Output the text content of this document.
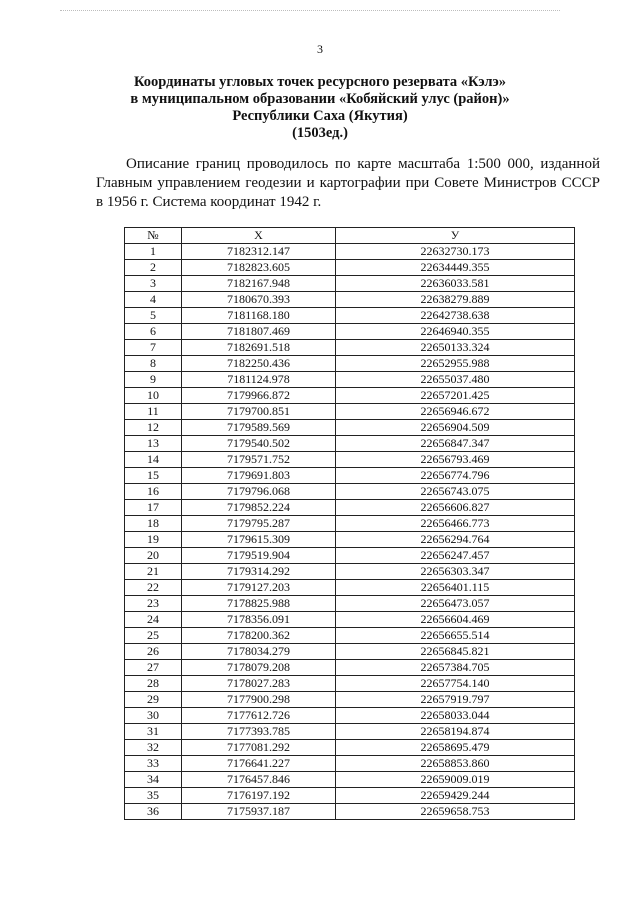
3
Координаты угловых точек ресурсного резервата «Кэлэ»
в муниципальном образовании «Кобяйский улус (район)»
Республики Саха (Якутия)
(1503ед.)

Описание границ проводилось по карте масштаба 1:500 000, изданной
Главным управлением геодезии и картографии при Совете Министров СССР
в 1956 г. Система координат 1942 г.

№	Х	У
1	7182312.147	22632730.173
2	7182823.605	22634449.355
3	7182167.948	22636033.581
4	7180670.393	22638279.889
5	7181168.180	22642738.638
6	7181807.469	22646940.355
7	7182691.518	22650133.324
8	7182250.436	22652955.988
9	7181124.978	22655037.480
10	7179966.872	22657201.425
11	7179700.851	22656946.672
12	7179589.569	22656904.509
13	7179540.502	22656847.347
14	7179571.752	22656793.469
15	7179691.803	22656774.796
16	7179796.068	22656743.075
17	7179852.224	22656606.827
18	7179795.287	22656466.773
19	7179615.309	22656294.764
20	7179519.904	22656247.457
21	7179314.292	22656303.347
22	7179127.203	22656401.115
23	7178825.988	22656473.057
24	7178356.091	22656604.469
25	7178200.362	22656655.514
26	7178034.279	22656845.821
27	7178079.208	22657384.705
28	7178027.283	22657754.140
29	7177900.298	22657919.797
30	7177612.726	22658033.044
31	7177393.785	22658194.874
32	7177081.292	22658695.479
33	7176641.227	22658853.860
34	7176457.846	22659009.019
35	7176197.192	22659429.244
36	7175937.187	22659658.753
